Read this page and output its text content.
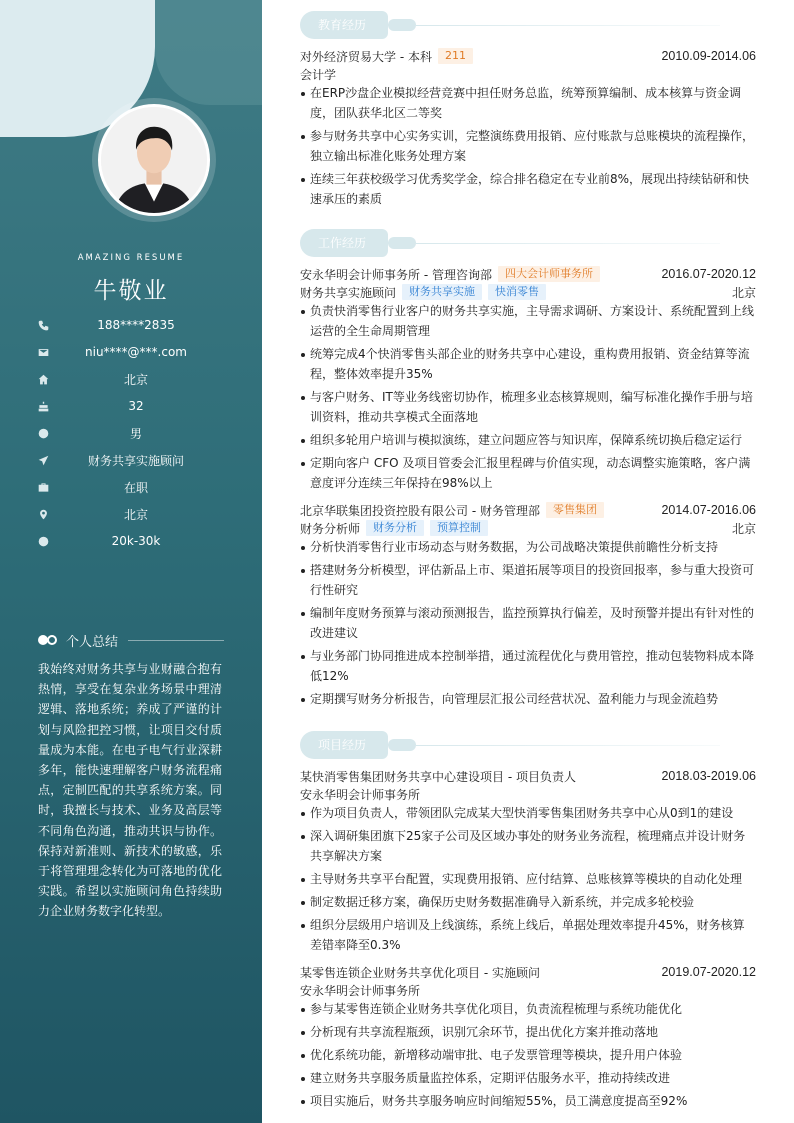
AMAZING RESUME
牛敬业
188****2835
niu****@***.com
北京
32
男
财务共享实施顾问
在职
北京
20k-30k
个人总结
我始终对财务共享与业财融合抱有热情，享受在复杂业务场景中理清逻辑、落地系统；养成了严谨的计划与风险把控习惯，让项目交付质量成为本能。在电子电气行业深耕多年，能快速理解客户财务流程痛点，定制匹配的共享系统方案。同时，我擅长与技术、业务及高层等不同角色沟通，推动共识与协作。保持对新准则、新技术的敏感，乐于将管理理念转化为可落地的优化实践。希望以实施顾问角色持续助力企业财务数字化转型。
教育经历
对外经济贸易大学 - 本科	211	2010.09-2014.06
会计学
在ERP沙盘企业模拟经营竞赛中担任财务总监，统筹预算编制、成本核算与资金调度，团队获华北区二等奖
参与财务共享中心实务实训，完整演练费用报销、应付账款与总账模块的流程操作，独立输出标准化账务处理方案
连续三年获校级学习优秀奖学金，综合排名稳定在专业前8%，展现出持续钻研和快速承压的素质
工作经历
安永华明会计师事务所 - 管理咨询部	四大会计师事务所	2016.07-2020.12
财务共享实施顾问	财务共享实施	快消零售	北京
负责快消零售行业客户的财务共享实施，主导需求调研、方案设计、系统配置到上线运营的全生命周期管理
统筹完成4个快消零售头部企业的财务共享中心建设，重构费用报销、资金结算等流程，整体效率提升35%
与客户财务、IT等业务线密切协作，梳理多业态核算规则，编写标准化操作手册与培训资料，推动共享模式全面落地
组织多轮用户培训与模拟演练，建立问题应答与知识库，保障系统切换后稳定运行
定期向客户 CFO 及项目管委会汇报里程碑与价值实现，动态调整实施策略，客户满意度评分连续三年保持在98%以上
北京华联集团投资控股有限公司 - 财务管理部	零售集团	2014.07-2016.06
财务分析师	财务分析	预算控制	北京
分析快消零售行业市场动态与财务数据，为公司战略决策提供前瞻性分析支持
搭建财务分析模型，评估新品上市、渠道拓展等项目的投资回报率，参与重大投资可行性研究
编制年度财务预算与滚动预测报告，监控预算执行偏差，及时预警并提出有针对性的改进建议
与业务部门协同推进成本控制举措，通过流程优化与费用管控，推动包装物料成本降低12%
定期撰写财务分析报告，向管理层汇报公司经营状况、盈利能力与现金流趋势
项目经历
某快消零售集团财务共享中心建设项目 - 项目负责人	2018.03-2019.06
安永华明会计师事务所
作为项目负责人，带领团队完成某大型快消零售集团财务共享中心从0到1的建设
深入调研集团旗下25家子公司及区域办事处的财务业务流程，梳理痛点并设计财务共享解决方案
主导财务共享平台配置，实现费用报销、应付结算、总账核算等模块的自动化处理
制定数据迁移方案，确保历史财务数据准确导入新系统，并完成多轮校验
组织分层级用户培训及上线演练，系统上线后，单据处理效率提升45%，财务核算差错率降至0.3%
某零售连锁企业财务共享优化项目 - 实施顾问	2019.07-2020.12
安永华明会计师事务所
参与某零售连锁企业财务共享优化项目，负责流程梳理与系统功能优化
分析现有共享流程瓶颈，识别冗余环节，提出优化方案并推动落地
优化系统功能，新增移动端审批、电子发票管理等模块，提升用户体验
建立财务共享服务质量监控体系，定期评估服务水平，推动持续改进
项目实施后，财务共享服务响应时间缩短55%，员工满意度提高至92%
